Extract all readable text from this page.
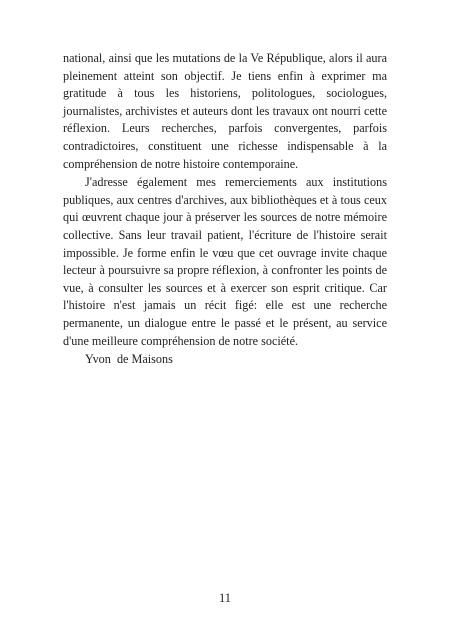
national, ainsi que les mutations de la Ve République, alors il aura pleinement atteint son objectif. Je tiens enfin à exprimer ma gratitude à tous les historiens, politologues, sociologues, journalistes, archivistes et auteurs dont les travaux ont nourri cette réflexion. Leurs recherches, parfois convergentes, parfois contradictoires, constituent une richesse indispensable à la compréhension de notre histoire contemporaine.

J'adresse également mes remerciements aux institutions publiques, aux centres d'archives, aux bibliothèques et à tous ceux qui œuvrent chaque jour à préserver les sources de notre mémoire collective. Sans leur travail patient, l'écriture de l'histoire serait impossible. Je forme enfin le vœu que cet ouvrage invite chaque lecteur à poursuivre sa propre réflexion, à confronter les points de vue, à consulter les sources et à exercer son esprit critique. Car l'histoire n'est jamais un récit figé: elle est une recherche permanente, un dialogue entre le passé et le présent, au service d'une meilleure compréhension de notre société.

Yvon  de Maisons

11
